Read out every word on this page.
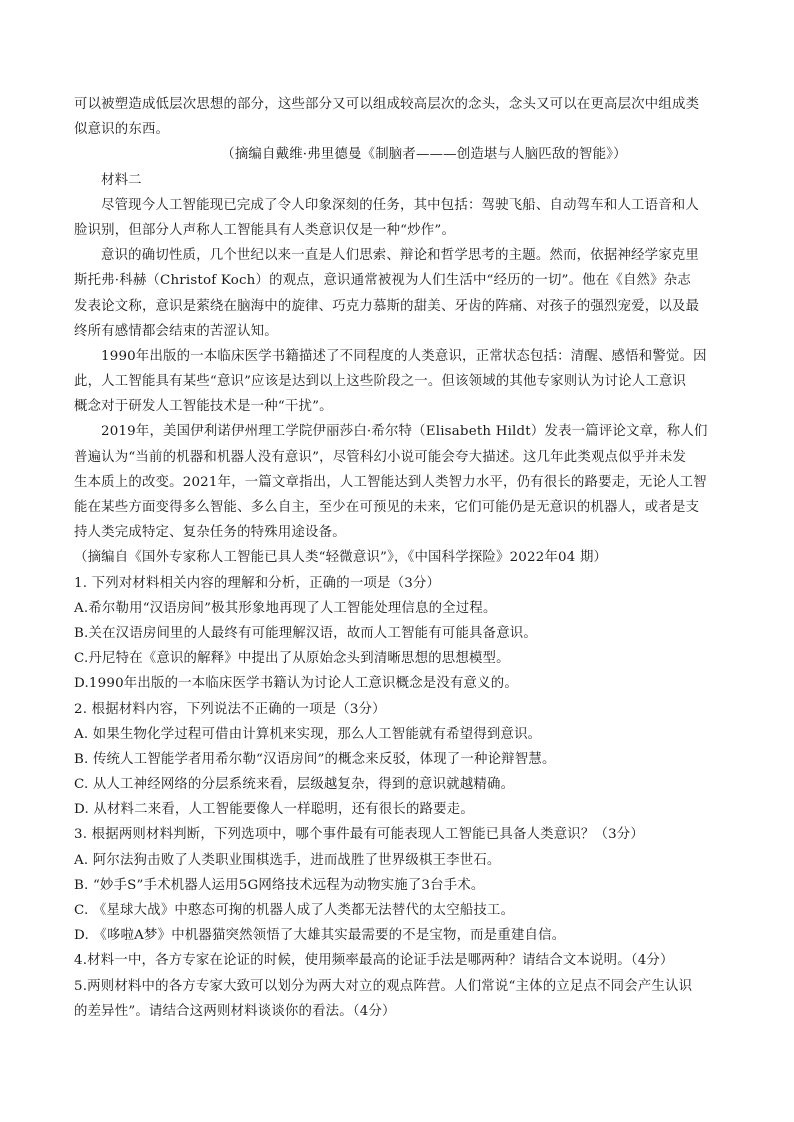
可以被塑造成低层次思想的部分，这些部分又可以组成较高层次的念头，念头又可以在更高层次中组成类
似意识的东西。
（摘编自戴维·弗里德曼《制脑者———创造堪与人脑匹敌的智能》）
材料二
尽管现今人工智能现已完成了令人印象深刻的任务，其中包括：驾驶飞船、自动驾车和人工语音和人
脸识别，但部分人声称人工智能具有人类意识仅是一种“炒作”。
意识的确切性质，几个世纪以来一直是人们思索、辩论和哲学思考的主题。然而，依据神经学家克里
斯托弗·科赫（Christof Koch）的观点，意识通常被视为人们生活中“经历的一切”。他在《自然》杂志
发表论文称，意识是萦绕在脑海中的旋律、巧克力慕斯的甜美、牙齿的阵痛、对孩子的强烈宠爱，以及最
终所有感情都会结束的苦涩认知。
1990年出版的一本临床医学书籍描述了不同程度的人类意识，正常状态包括：清醒、感悟和警觉。因
此，人工智能具有某些“意识”应该是达到以上这些阶段之一。但该领域的其他专家则认为讨论人工意识
概念对于研发人工智能技术是一种“干扰”。
2019年，美国伊利诺伊州理工学院伊丽莎白·希尔特（Elisabeth Hildt）发表一篇评论文章，称人们
普遍认为“当前的机器和机器人没有意识”，尽管科幻小说可能会夸大描述。这几年此类观点似乎并未发
生本质上的改变。2021年，一篇文章指出，人工智能达到人类智力水平，仍有很长的路要走，无论人工智
能在某些方面变得多么智能、多么自主，至少在可预见的未来，它们可能仍是无意识的机器人，或者是支
持人类完成特定、复杂任务的特殊用途设备。
（摘编自《国外专家称人工智能已具人类“轻微意识”》，《中国科学探险》2022年04 期）
1. 下列对材料相关内容的理解和分析，正确的一项是（3分）
A.希尔勒用“汉语房间”极其形象地再现了人工智能处理信息的全过程。
B.关在汉语房间里的人最终有可能理解汉语，故而人工智能有可能具备意识。
C.丹尼特在《意识的解释》中提出了从原始念头到清晰思想的思想模型。
D.1990年出版的一本临床医学书籍认为讨论人工意识概念是没有意义的。
2. 根据材料内容，下列说法不正确的一项是（3分）
A. 如果生物化学过程可借由计算机来实现，那么人工智能就有希望得到意识。
B. 传统人工智能学者用希尔勒“汉语房间”的概念来反驳，体现了一种论辩智慧。
C. 从人工神经网络的分层系统来看，层级越复杂，得到的意识就越精确。
D. 从材料二来看，人工智能要像人一样聪明，还有很长的路要走。
3. 根据两则材料判断，下列选项中，哪个事件最有可能表现人工智能已具备人类意识？（3分）
A. 阿尔法狗击败了人类职业围棋选手，进而战胜了世界级棋王李世石。
B. “妙手S”手术机器人运用5G网络技术远程为动物实施了3台手术。
C. 《星球大战》中憨态可掬的机器人成了人类都无法替代的太空船技工。
D. 《哆啦A梦》中机器猫突然领悟了大雄其实最需要的不是宝物，而是重建自信。
4.材料一中，各方专家在论证的时候，使用频率最高的论证手法是哪两种？请结合文本说明。（4分）
5.两则材料中的各方专家大致可以划分为两大对立的观点阵营。人们常说“主体的立足点不同会产生认识
的差异性”。请结合这两则材料谈谈你的看法。（4分）
